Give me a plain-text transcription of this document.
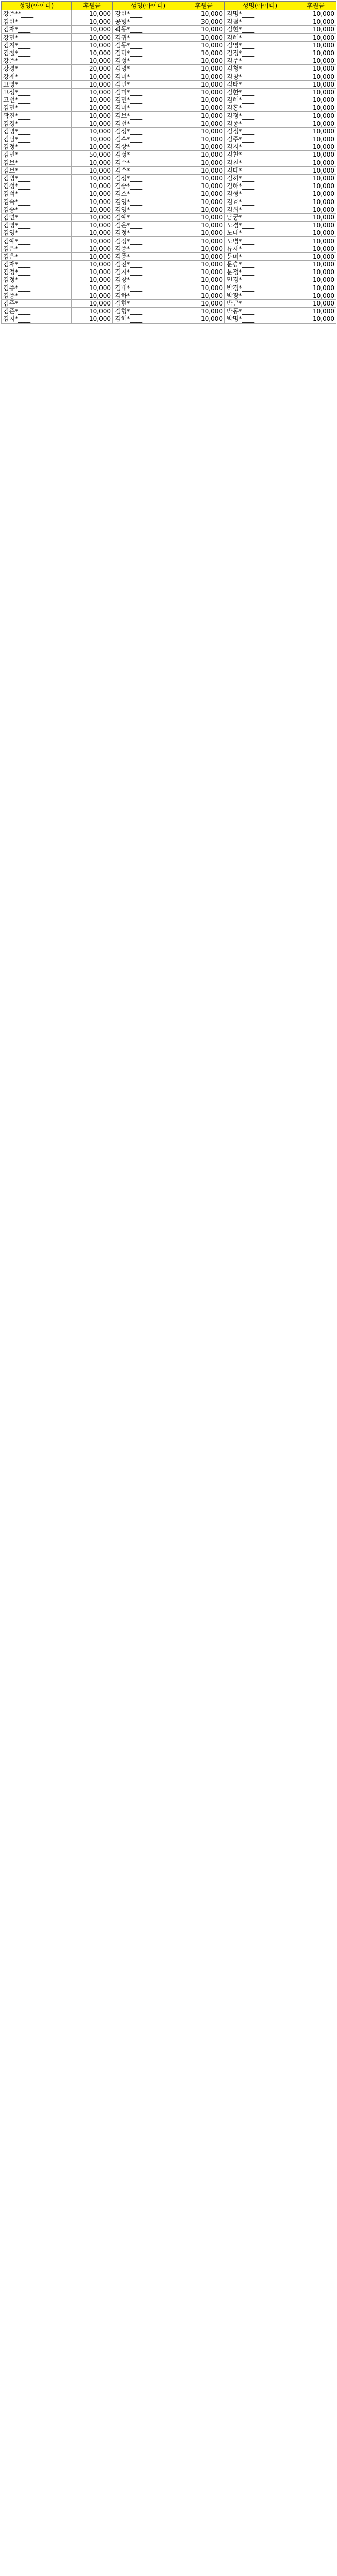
성명(아이디)	후원금		성명(아이디)	후원금		성명(아이디)	후원금
강준**____	10,000		강한*____	10,000		김명*____	10,000
김한*____	10,000		공병*____	30,000		김철*____	10,000
김재*____	10,000		곽동*____	10,000		김현*____	10,000
강민*____	10,000		김귀*____	10,000		김혜*____	10,000
김지*____	10,000		김동*____	10,000		김영*____	10,000
김철*____	10,000		김덕*____	10,000		김정*____	10,000
강준*____	10,000		김성*____	10,000		김주*____	10,000
강경*____	20,000		김명*____	10,000		김청*____	10,000
강재*____	10,000		김미*____	10,000		김창*____	10,000
고영*____	10,000		김민*____	10,000		김태*____	10,000
고성*____	10,000		김미*____	10,000		김한*____	10,000
고선*____	10,000		김민*____	10,000		김혜*____	10,000
김민*____	10,000		김미*____	10,000		김홍*____	10,000
곽진*____	10,000		김보*____	10,000		김정*____	10,000
김경*____	10,000		김선*____	10,000		김종*____	10,000
김명*____	10,000		김성*____	10,000		김정*____	10,000
김남*____	10,000		김수*____	10,000		김주*____	10,000
김정*____	10,000		김상*____	10,000		김지*____	10,000
김민*____	50,000		김성*____	10,000		김찬*____	10,000
김보*____	10,000		김수*____	10,000		김천*____	10,000
김보*____	10,000		김수*____	10,000		김태*____	10,000
김병*____	10,000		김성*____	10,000		김하*____	10,000
김성*____	10,000		김승*____	10,000		김해*____	10,000
김석*____	10,000		김소*____	10,000		김형*____	10,000
김숙*____	10,000		김영*____	10,000		김효*____	10,000
김승*____	10,000		김영*____	10,000		김희*____	10,000
김연*____	10,000		김예*____	10,000		남궁*____	10,000
김영*____	10,000		김은*____	10,000		노경*____	10,000
김영*____	10,000		김정*____	10,000		노대*____	10,000
김예*____	10,000		김정*____	10,000		노병*____	10,000
김은*____	10,000		김종*____	10,000		류재*____	10,000
김은*____	10,000		김종*____	10,000		문미*____	10,000
김재*____	10,000		김진*____	10,000		문승*____	10,000
김정*____	10,000		김지*____	10,000		문정*____	10,000
김정*____	10,000		김창*____	10,000		민경*____	10,000
김종*____	10,000		김태*____	10,000		박경*____	10,000
김종*____	10,000		김하*____	10,000		박광*____	10,000
김주*____	10,000		김현*____	10,000		박근*____	10,000
김준*____	10,000		김형*____	10,000		박동*____	10,000
김지*____	10,000		김혜*____	10,000		박명*____	10,000
